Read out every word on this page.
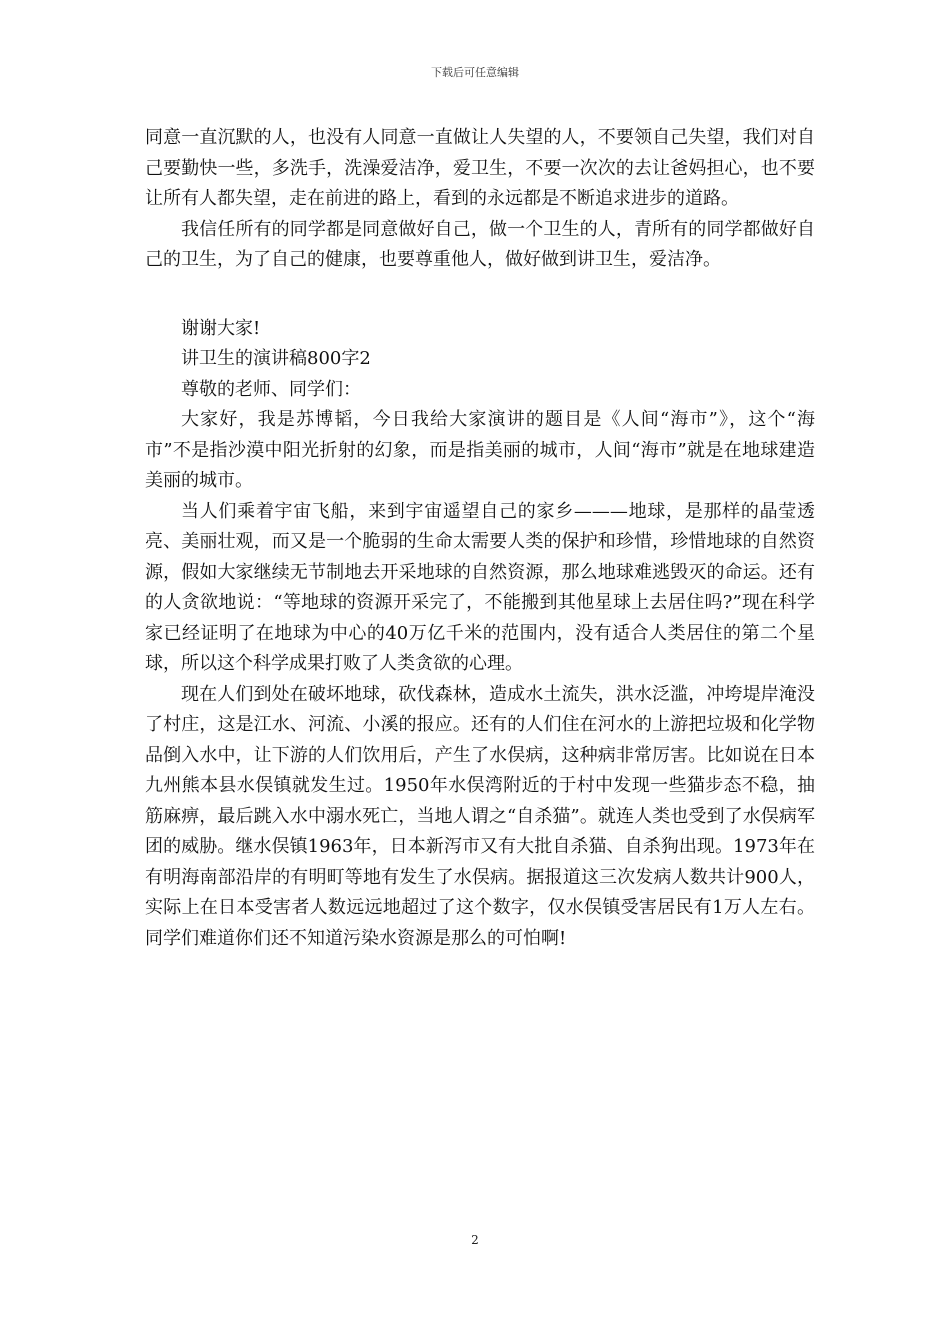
下载后可任意编辑

同意一直沉默的人，也没有人同意一直做让人失望的人，不要领自己失望，我们对自己要勤快一些，多洗手，洗澡爱洁净，爱卫生，不要一次次的去让爸妈担心，也不要让所有人都失望，走在前进的路上，看到的永远都是不断追求进步的道路。

我信任所有的同学都是同意做好自己，做一个卫生的人，青所有的同学都做好自己的卫生，为了自己的健康，也要尊重他人，做好做到讲卫生，爱洁净。

谢谢大家!

讲卫生的演讲稿800字2

尊敬的老师、同学们：

大家好，我是苏博韬，今日我给大家演讲的题目是《人间“海市”》，这个“海市”不是指沙漠中阳光折射的幻象，而是指美丽的城市，人间“海市”就是在地球建造美丽的城市。

当人们乘着宇宙飞船，来到宇宙遥望自己的家乡———地球，是那样的晶莹透亮、美丽壮观，而又是一个脆弱的生命太需要人类的保护和珍惜，珍惜地球的自然资源，假如大家继续无节制地去开采地球的自然资源，那么地球难逃毁灭的命运。还有的人贪欲地说：“等地球的资源开采完了，不能搬到其他星球上去居住吗?”现在科学家已经证明了在地球为中心的40万亿千米的范围内，没有适合人类居住的第二个星球，所以这个科学成果打败了人类贪欲的心理。

现在人们到处在破坏地球，砍伐森林，造成水土流失，洪水泛滥，冲垮堤岸淹没了村庄，这是江水、河流、小溪的报应。还有的人们住在河水的上游把垃圾和化学物品倒入水中，让下游的人们饮用后，产生了水俣病，这种病非常厉害。比如说在日本九州熊本县水俣镇就发生过。1950年水俣湾附近的于村中发现一些猫步态不稳，抽筋麻痹，最后跳入水中溺水死亡，当地人谓之“自杀猫”。就连人类也受到了水俣病军团的威胁。继水俣镇1963年，日本新泻市又有大批自杀猫、自杀狗出现。1973年在有明海南部沿岸的有明町等地有发生了水俣病。据报道这三次发病人数共计900人，实际上在日本受害者人数远远地超过了这个数字，仅水俣镇受害居民有1万人左右。同学们难道你们还不知道污染水资源是那么的可怕啊!

2
